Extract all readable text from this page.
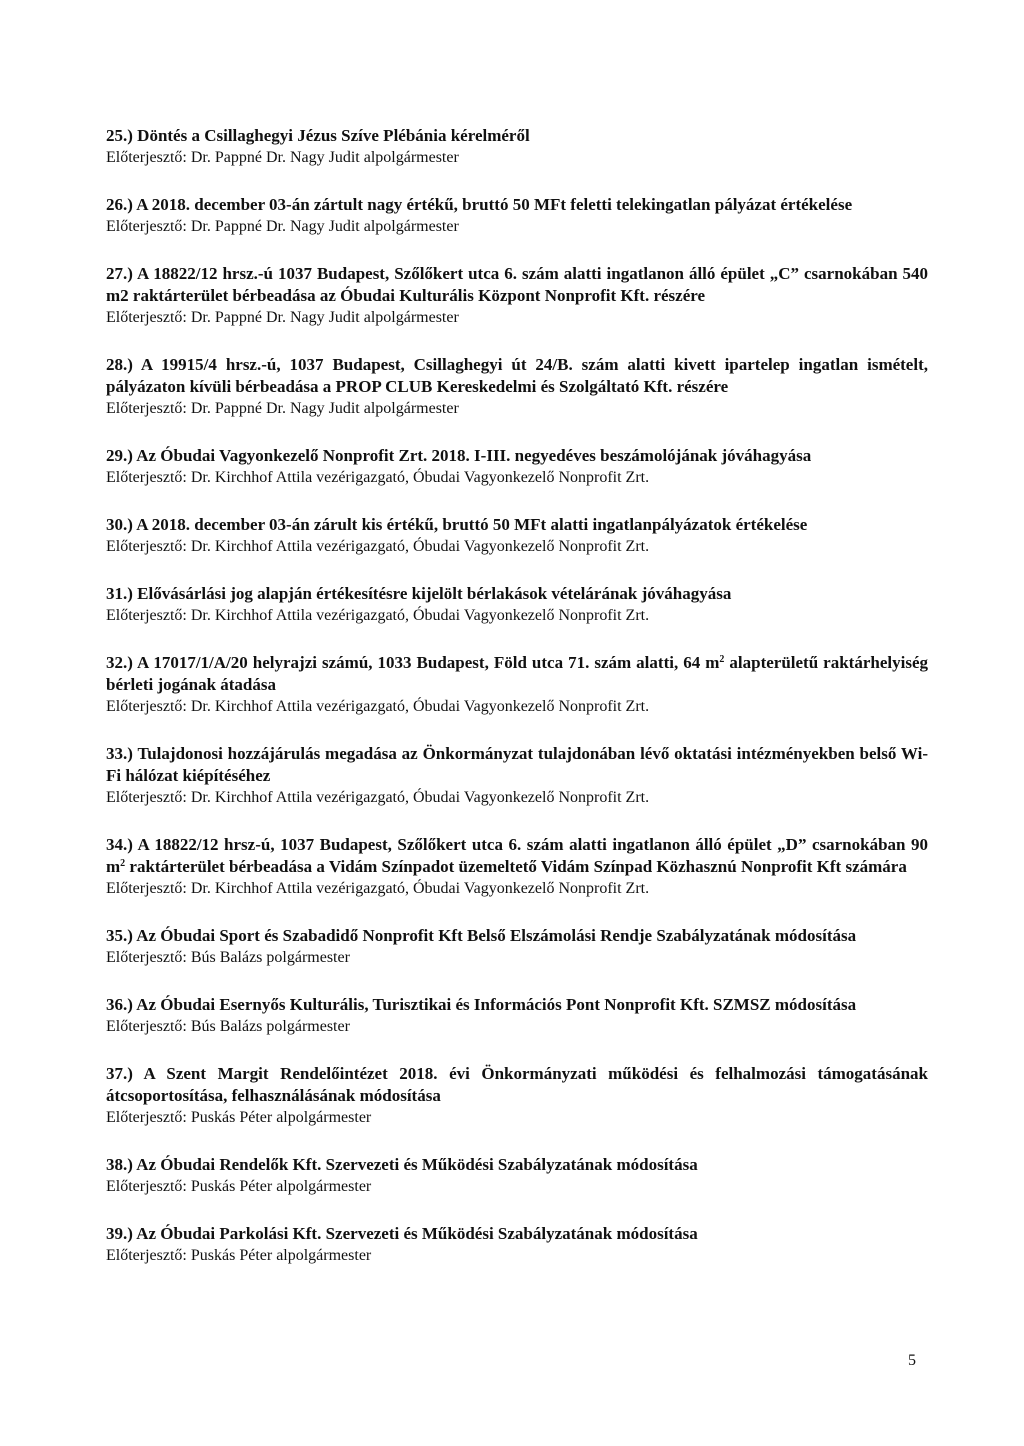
25.) Döntés a Csillaghegyi Jézus Szíve Plébánia kérelméről
Előterjesztő: Dr. Pappné Dr. Nagy Judit alpolgármester
26.) A 2018. december 03-án zártult nagy értékű, bruttó 50 MFt feletti telekingatlan pályázat értékelése
Előterjesztő: Dr. Pappné Dr. Nagy Judit alpolgármester
27.) A 18822/12 hrsz.-ú 1037 Budapest, Szőlőkert utca 6. szám alatti ingatlanon álló épület „C” csarnokában 540 m2 raktárterület bérbeadása az Óbudai Kulturális Központ Nonprofit Kft. részére
Előterjesztő: Dr. Pappné Dr. Nagy Judit alpolgármester
28.) A 19915/4 hrsz.-ú, 1037 Budapest, Csillaghegyi út 24/B. szám alatti kivett ipartelep ingatlan ismételt, pályázaton kívüli bérbeadása a PROP CLUB Kereskedelmi és Szolgáltató Kft. részére
Előterjesztő: Dr. Pappné Dr. Nagy Judit alpolgármester
29.) Az Óbudai Vagyonkezelő Nonprofit Zrt. 2018. I-III. negyedéves beszámolójának jóváhagyása
Előterjesztő: Dr. Kirchhof Attila vezérigazgató, Óbudai Vagyonkezelő Nonprofit Zrt.
30.) A 2018. december 03-án zárult kis értékű, bruttó 50 MFt alatti ingatlanpályázatok értékelése
Előterjesztő: Dr. Kirchhof Attila vezérigazgató, Óbudai Vagyonkezelő Nonprofit Zrt.
31.) Elővásárlási jog alapján értékesítésre kijelölt bérlakások vételárának jóváhagyása
Előterjesztő: Dr. Kirchhof Attila vezérigazgató, Óbudai Vagyonkezelő Nonprofit Zrt.
32.) A 17017/1/A/20 helyrajzi számú, 1033 Budapest, Föld utca 71. szám alatti, 64 $m^2$ alapterületű raktárhelyiség bérleti jogának átadása
Előterjesztő: Dr. Kirchhof Attila vezérigazgató, Óbudai Vagyonkezelő Nonprofit Zrt.
33.) Tulajdonosi hozzájárulás megadása az Önkormányzat tulajdonában lévő oktatási intézményekben belső Wi-Fi hálózat kiépítéséhez
Előterjesztő: Dr. Kirchhof Attila vezérigazgató, Óbudai Vagyonkezelő Nonprofit Zrt.
34.) A 18822/12 hrsz-ú, 1037 Budapest, Szőlőkert utca 6. szám alatti ingatlanon álló épület „D” csarnokában 90 $m^2$ raktárterület bérbeadása a Vidám Színpadot üzemeltető Vidám Színpad Közhasznú Nonprofit Kft számára
Előterjesztő: Dr. Kirchhof Attila vezérigazgató, Óbudai Vagyonkezelő Nonprofit Zrt.
35.) Az Óbudai Sport és Szabadidő Nonprofit Kft Belső Elszámolási Rendje Szabályzatának módosítása
Előterjesztő: Bús Balázs polgármester
36.) Az Óbudai Esernyős Kulturális, Turisztikai és Információs Pont Nonprofit Kft. SZMSZ módosítása
Előterjesztő: Bús Balázs polgármester
37.) A Szent Margit Rendelőintézet 2018. évi Önkormányzati működési és felhalmozási támogatásának átcsoportosítása, felhasználásának módosítása
Előterjesztő: Puskás Péter alpolgármester
38.) Az Óbudai Rendelők Kft. Szervezeti és Működési Szabályzatának módosítása
Előterjesztő: Puskás Péter alpolgármester
39.) Az Óbudai Parkolási Kft. Szervezeti és Működési Szabályzatának módosítása
Előterjesztő: Puskás Péter alpolgármester
5
